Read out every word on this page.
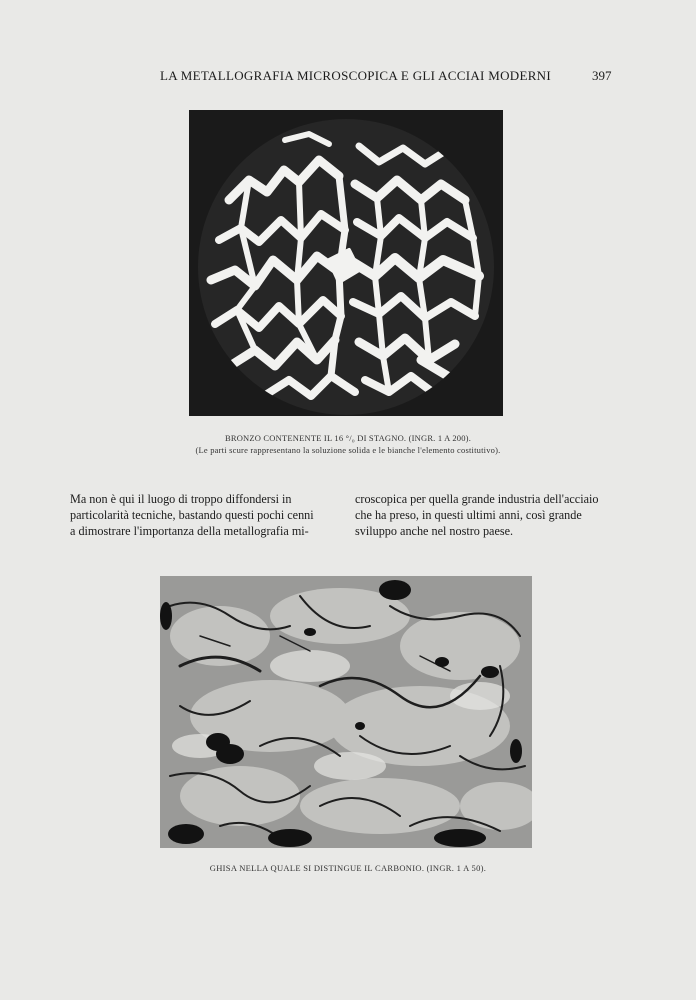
LA METALLOGRAFIA MICROSCOPICA E GLI ACCIAI MODERNI	397
BRONZO CONTENENTE IL 16 °/₀ DI STAGNO. (INGR. 1 A 200).
(Le parti scure rappresentano la soluzione solida e le bianche l'elemento costitutivo).
Ma non è qui il luogo di troppo diffondersi in
particolarità tecniche, bastando questi pochi cenni
a dimostrare l'importanza della metallografia mi-
croscopica per quella grande industria dell'acciaio
che ha preso, in questi ultimi anni, così grande
sviluppo anche nel nostro paese.
GHISA NELLA QUALE SI DISTINGUE IL CARBONIO. (INGR. 1 A 50).
